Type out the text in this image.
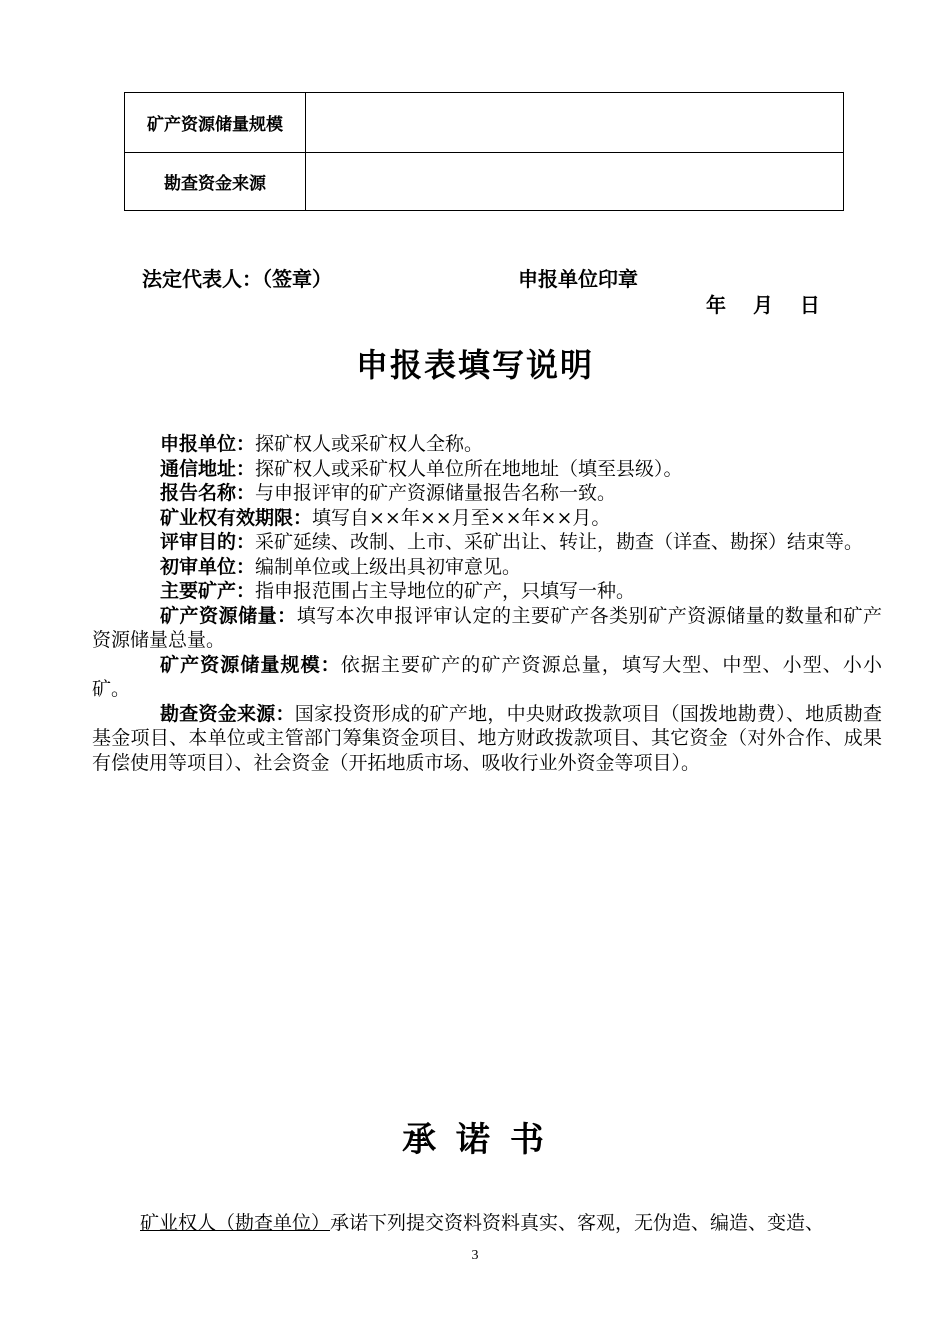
矿产资源储量规模	
勘查资金来源	
法定代表人：（签章）	申报单位印章
年　 月　 日
申报表填写说明

申报单位：探矿权人或采矿权人全称。

通信地址：探矿权人或采矿权人单位所在地地址（填至县级）。

报告名称：与申报评审的矿产资源储量报告名称一致。

矿业权有效期限：填写自××年××月至××年××月。

评审目的：采矿延续、改制、上市、采矿出让、转让，勘查（详查、勘探）结束等。

初审单位：编制单位或上级出具初审意见。

主要矿产：指申报范围占主导地位的矿产，只填写一种。

矿产资源储量：填写本次申报评审认定的主要矿产各类别矿产资源储量的数量和矿产资源储量总量。

矿产资源储量规模：依据主要矿产的矿产资源总量，填写大型、中型、小型、小小矿。

勘查资金来源：国家投资形成的矿产地，中央财政拨款项目（国拨地勘费）、地质勘查基金项目、本单位或主管部门筹集资金项目、地方财政拨款项目、其它资金（对外合作、成果有偿使用等项目）、社会资金（开拓地质市场、吸收行业外资金等项目）。

承 诺 书
矿业权人（勘查单位）承诺下列提交资料资料真实、客观，无伪造、编造、变造、
3
